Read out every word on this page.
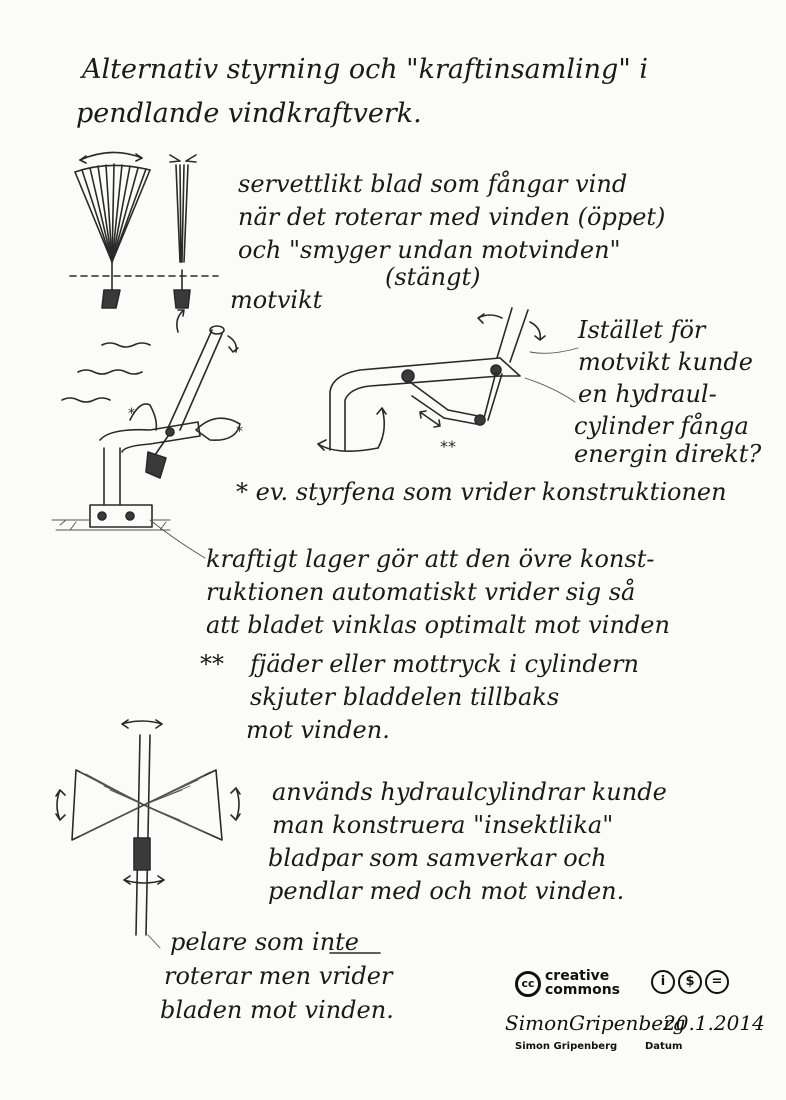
*
*
**
Alternativ styrning och "kraftinsamling" i
pendlande vindkraftverk.
servettlikt blad som fångar vind
när det roterar med vinden (öppet)
och "smyger undan motvinden"
(stängt)
motvikt
Istället för
motvikt kunde
en hydraul-
cylinder fånga
energin direkt?
* ev. styrfena som vrider konstruktionen
kraftigt lager gör att den övre konst-
ruktionen automatiskt vrider sig så
att bladet vinklas optimalt mot vinden
** fjäder eller mottryck i cylindern
skjuter bladdelen tillbaks
mot vinden.
används hydraulcylindrar kunde
man konstruera "insektlika"
bladpar som samverkar och
pendlar med och mot vinden.
pelare som inte
roterar men vrider
bladen mot vinden.
cc creative
commons
i	$	=
SimonGripenberg
20.1.2014
Simon Gripenberg	Datum
